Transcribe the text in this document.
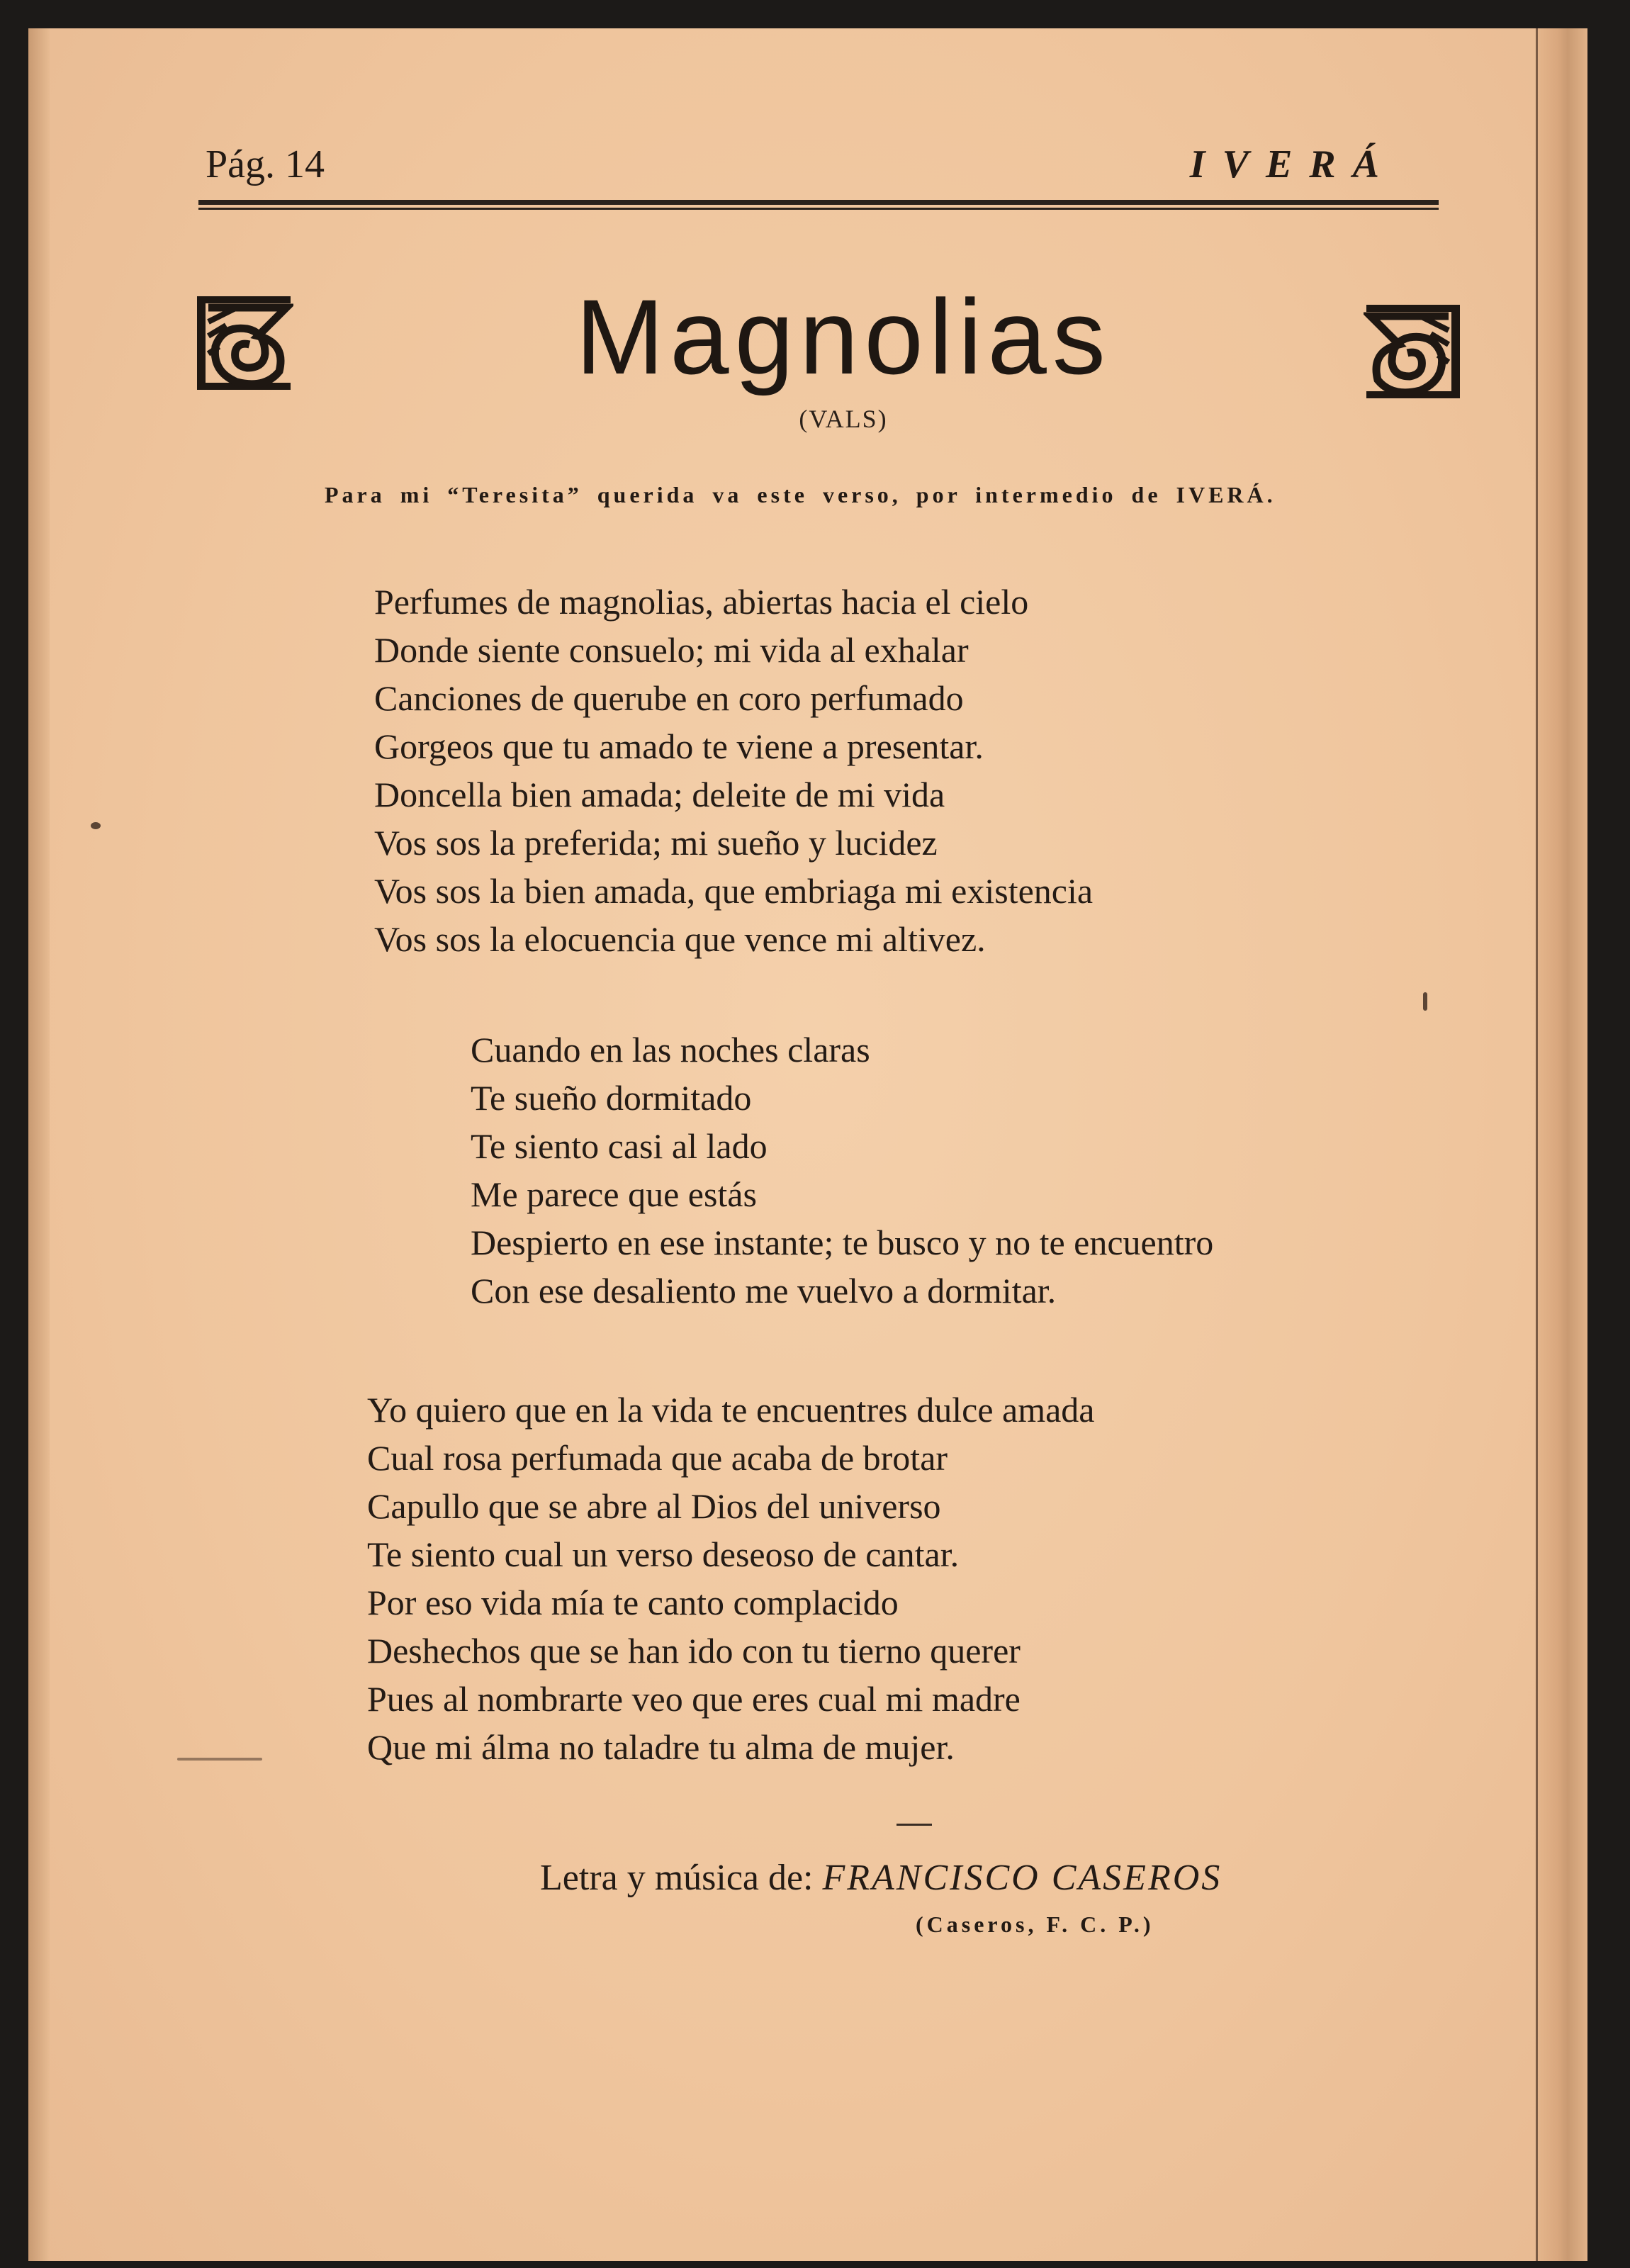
Pág. 14	IVERÁ
Magnolias
(VALS)
Para mi “Teresita” querida va este verso, por intermedio de IVERÁ.
Perfumes de magnolias, abiertas hacia el cielo
Donde siente consuelo; mi vida al exhalar
Canciones de querube en coro perfumado
Gorgeos que tu amado te viene a presentar.
Doncella bien amada; deleite de mi vida
Vos sos la preferida; mi sueño y lucidez
Vos sos la bien amada, que embriaga mi existencia
Vos sos la elocuencia que vence mi altivez.
Cuando en las noches claras
Te sueño dormitado
Te siento casi al lado
Me parece que estás
Despierto en ese instante; te busco y no te encuentro
Con ese desaliento me vuelvo a dormitar.
Yo quiero que en la vida te encuentres dulce amada
Cual rosa perfumada que acaba de brotar
Capullo que se abre al Dios del universo
Te siento cual un verso deseoso de cantar.
Por eso vida mía te canto complacido
Deshechos que se han ido con tu tierno querer
Pues al nombrarte veo que eres cual mi madre
Que mi álma no taladre tu alma de mujer.
Letra y música de: FRANCISCO CASEROS
(Caseros, F. C. P.)
